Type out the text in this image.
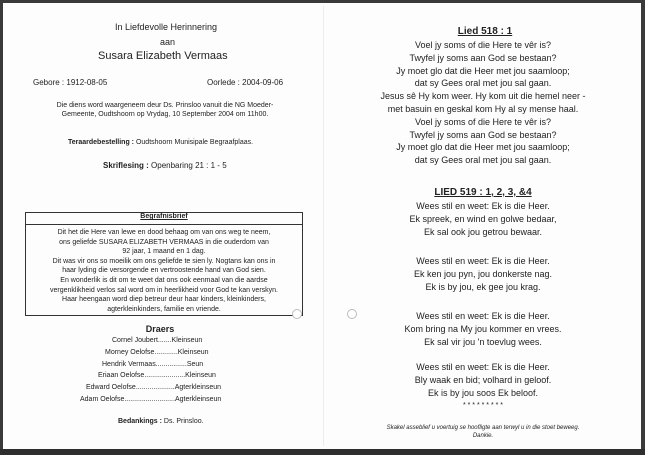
In Liefdevolle Herinnering
aan
Susara Elizabeth Vermaas
Gebore : 1912-08-05	Oorlede : 2004-09-06
Die diens word waargeneem deur Ds. Prinsloo vanuit die NG Moeder-
Gemeente, Oudtshoorn op Vrydag, 10 September 2004 om 11h00.
Teraardebestelling : Oudtshoorn Munisipale Begraafplaas.
Skriflesing : Openbaring 21 : 1 - 5
Begrafnisbrief
Dit het die Here van lewe en dood behaag om van ons weg te neem,
ons geliefde SUSARA ELIZABETH VERMAAS in die ouderdom van
92 jaar, 1 maand en 1 dag.
Dit was vir ons so moeilik om ons geliefde te sien ly. Nogtans kan ons in
haar lyding die versorgende en vertroostende hand van God sien.
En wonderlik is dit om te weet dat ons ook eenmaal van die aardse
vergenklikheid verlos sal word om in heerlikheid voor God te kan verskyn.
Haar heengaan word diep betreur deur haar kinders, kleinkinders,
agterkleinkinders, familie en vriende.
Draers
Cornel Joubert.......Kleinseun
Morney Oelofse............Kleinseun
Hendrik Vermaas................Seun
Eriaan Oelofse.....................Kleinseun
Edward Oelofse....................Agterkleinseun
Adam Oelofse..........................Agterkleinseun
Bedankings : Ds. Prinsloo.
Lied 518 : 1
Voel jy soms of die Here te vêr is?
Twyfel jy soms aan God se bestaan?
Jy moet glo dat die Heer met jou saamloop;
dat sy Gees oral met jou sal gaan.
Jesus sê Hy kom weer. Hy kom uit die hemel neer -
met basuin en geskal kom Hy al sy mense haal.
Voel jy soms of die Here te vêr is?
Twyfel jy soms aan God se bestaan?
Jy moet glo dat die Heer met jou saamloop;
dat sy Gees oral met jou sal gaan.
LIED 519 : 1, 2, 3, &4
Wees stil en weet: Ek is die Heer.
Ek spreek, en wind en golwe bedaar,
Ek sal ook jou getrou bewaar.
Wees stil en weet: Ek is die Heer.
Ek ken jou pyn, jou donkerste nag.
Ek is by jou, ek gee jou krag.
Wees stil en weet: Ek is die Heer.
Kom bring na My jou kommer en vrees.
Ek sal vir jou 'n toevlug wees.
Wees stil en weet: Ek is die Heer.
Bly waak en bid; volhard in geloof.
Ek is by jou soos Ek beloof.
* * * * * * * * *
Skakel asseblief u voertuig se hoofligte aan terwyl u in die stoet beweeg.
Dankie.
